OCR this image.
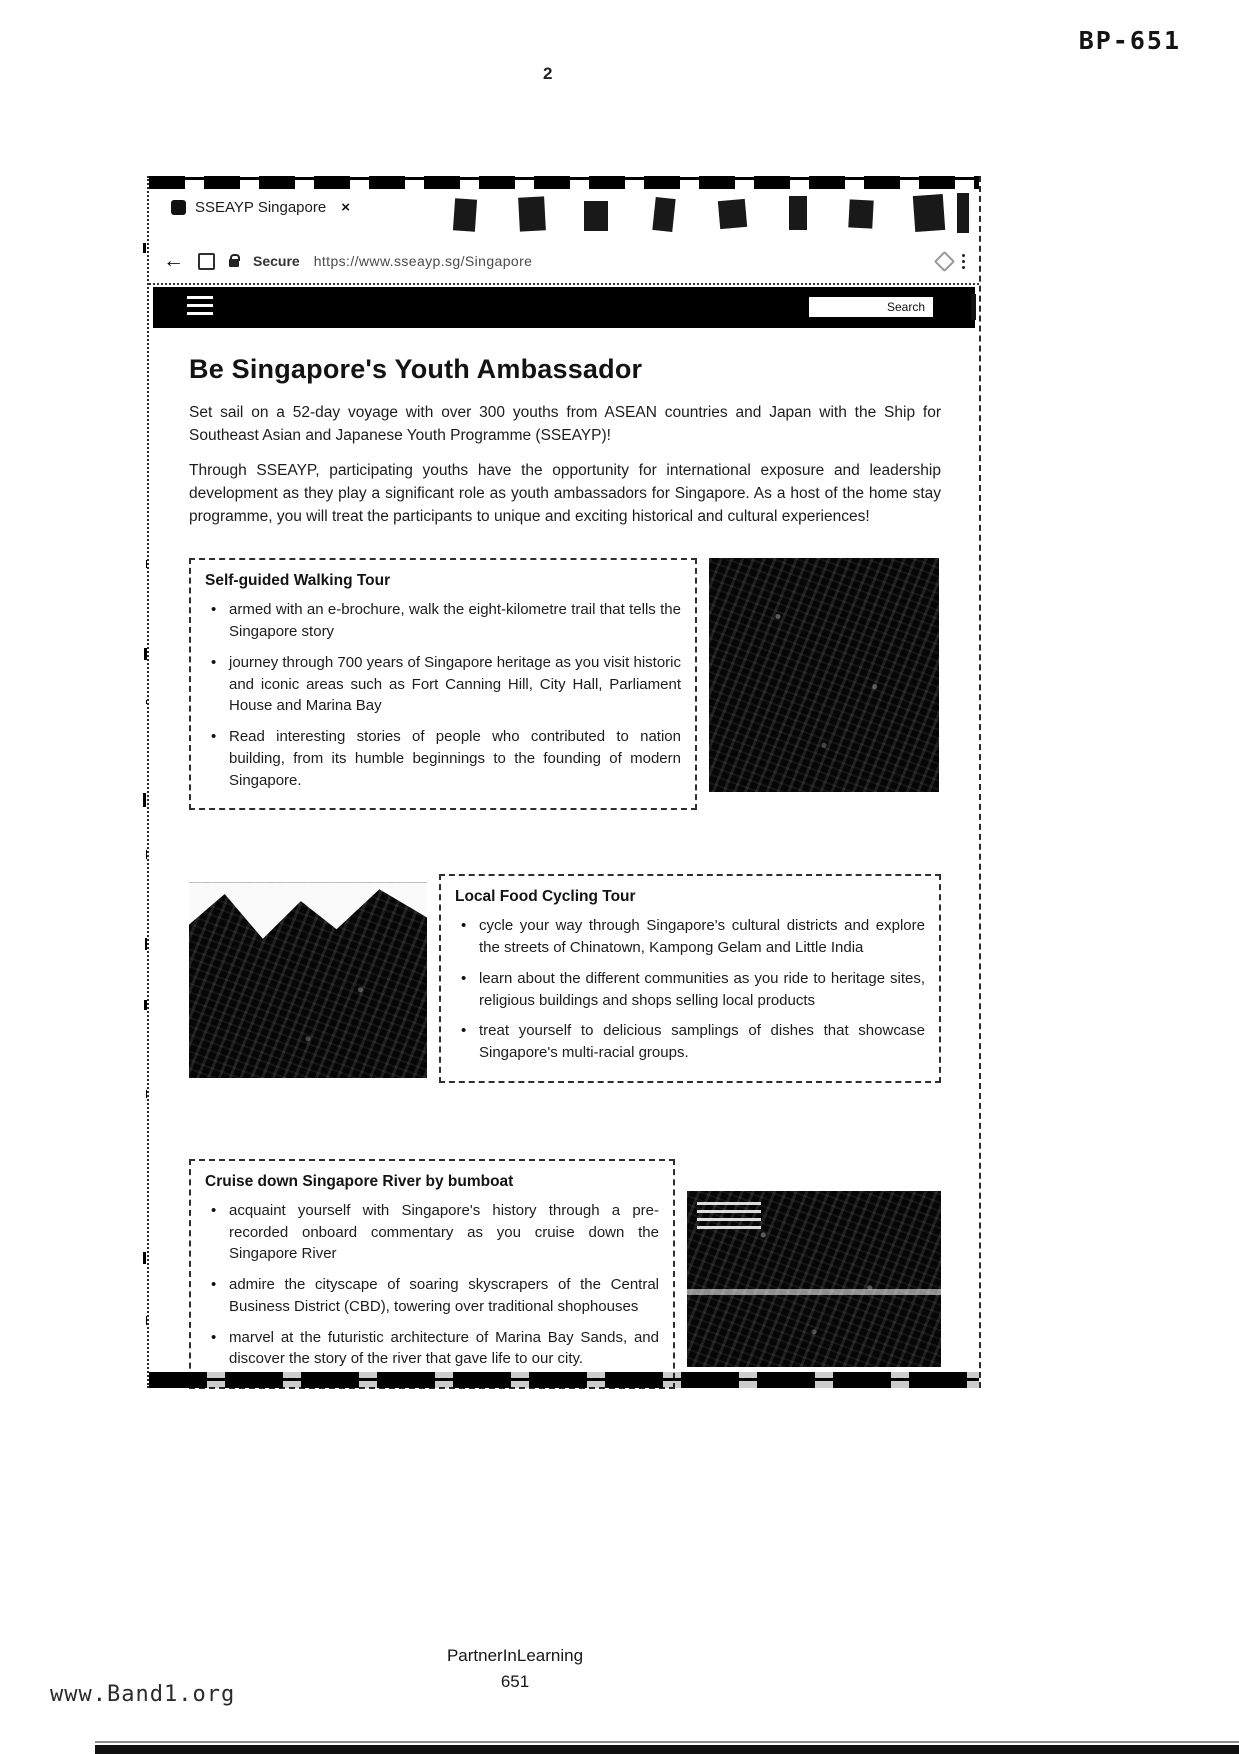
BP-651
2
SSEAYP Singapore ×
←	Secure https://www.sseayp.sg/Singapore
Search
Be Singapore's Youth Ambassador

Set sail on a 52-day voyage with over 300 youths from ASEAN countries and Japan with the Ship for Southeast Asian and Japanese Youth Programme (SSEAYP)!

Through SSEAYP, participating youths have the opportunity for international exposure and leadership development as they play a significant role as youth ambassadors for Singapore. As a host of the home stay programme, you will treat the participants to unique and exciting historical and cultural experiences!

Self-guided Walking Tour
• armed with an e-brochure, walk the eight-kilometre trail that tells the Singapore story
• journey through 700 years of Singapore heritage as you visit historic and iconic areas such as Fort Canning Hill, City Hall, Parliament House and Marina Bay
• Read interesting stories of people who contributed to nation building, from its humble beginnings to the founding of modern Singapore.
Local Food Cycling Tour
• cycle your way through Singapore's cultural districts and explore the streets of Chinatown, Kampong Gelam and Little India
• learn about the different communities as you ride to heritage sites, religious buildings and shops selling local products
• treat yourself to delicious samplings of dishes that showcase Singapore's multi-racial groups.
Cruise down Singapore River by bumboat
• acquaint yourself with Singapore's history through a pre-recorded onboard commentary as you cruise down the Singapore River
• admire the cityscape of soaring skyscrapers of the Central Business District (CBD), towering over traditional shophouses
• marvel at the futuristic architecture of Marina Bay Sands, and discover the story of the river that gave life to our city.
PartnerInLearning
651
www.Band1.org
